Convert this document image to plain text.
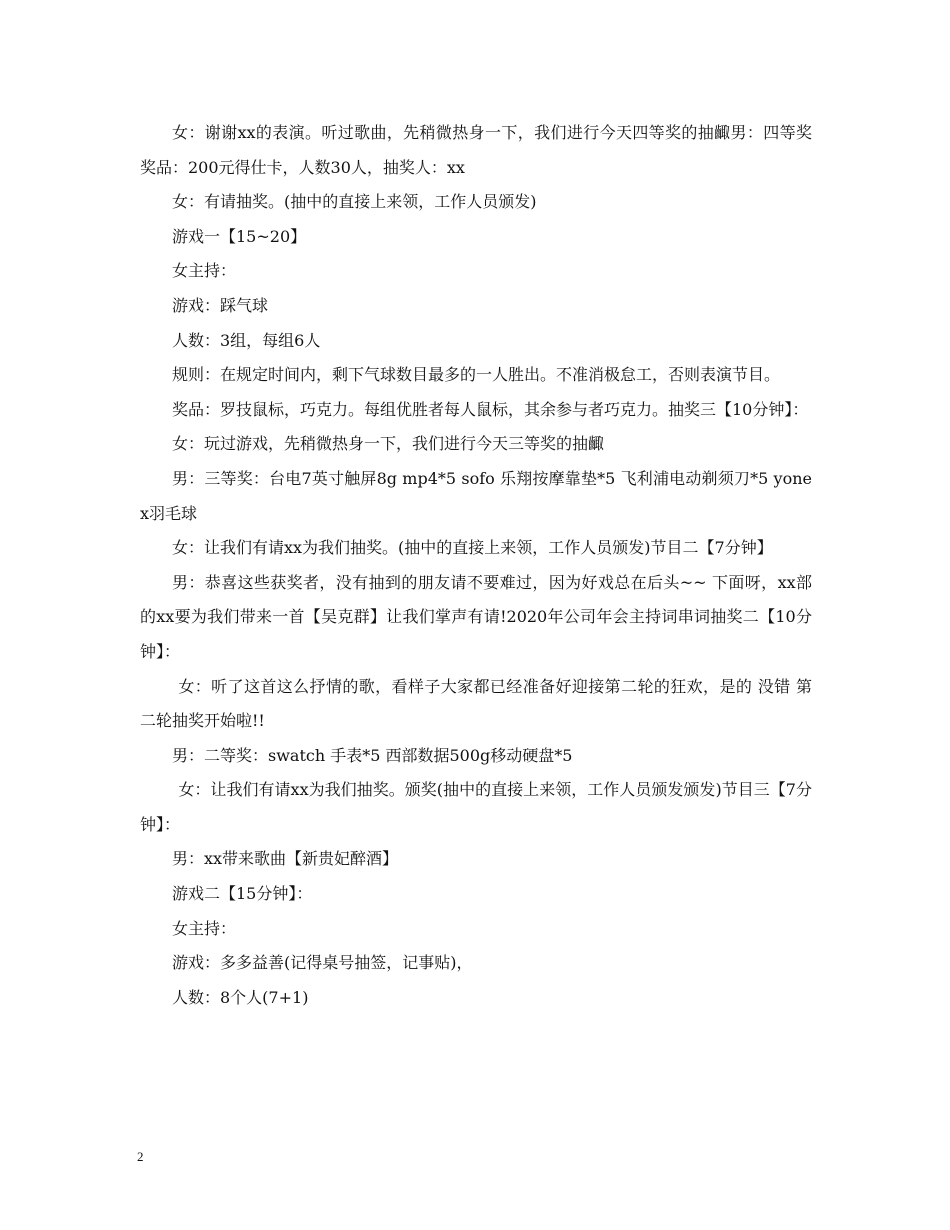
女：谢谢xx的表演。听过歌曲，先稍微热身一下，我们进行今天四等奖的抽齱男：四等奖奖品：200元得仕卡，人数30人，抽奖人：xx

女：有请抽奖。(抽中的直接上来领，工作人员颁发)

游戏一【15~20】

女主持：

游戏：踩气球

人数：3组，每组6人

规则：在规定时间内，剩下气球数目最多的一人胜出。不准消极怠工，否则表演节目。

奖品：罗技鼠标，巧克力。每组优胜者每人鼠标，其余参与者巧克力。抽奖三【10分钟】：

女：玩过游戏，先稍微热身一下，我们进行今天三等奖的抽齱

男：三等奖：台电7英寸触屏8g mp4*5 sofo 乐翔按摩靠垫*5 飞利浦电动剃须刀*5 yonex羽毛球

女：让我们有请xx为我们抽奖。(抽中的直接上来领，工作人员颁发)节目二【7分钟】

男：恭喜这些获奖者，没有抽到的朋友请不要难过，因为好戏总在后头~~ 下面呀，xx部的xx要为我们带来一首【吴克群】让我们掌声有请!2020年公司年会主持词串词抽奖二【10分钟】：

女：听了这首这么抒情的歌，看样子大家都已经准备好迎接第二轮的狂欢，是的 没错 第二轮抽奖开始啦!!

男：二等奖：swatch 手表*5 西部数据500g移动硬盘*5

女：让我们有请xx为我们抽奖。颁奖(抽中的直接上来领，工作人员颁发颁发)节目三【7分钟】：

男：xx带来歌曲【新贵妃醉酒】

游戏二【15分钟】：

女主持：

游戏：多多益善(记得桌号抽签，记事贴)，

人数：8个人(7+1)

2
